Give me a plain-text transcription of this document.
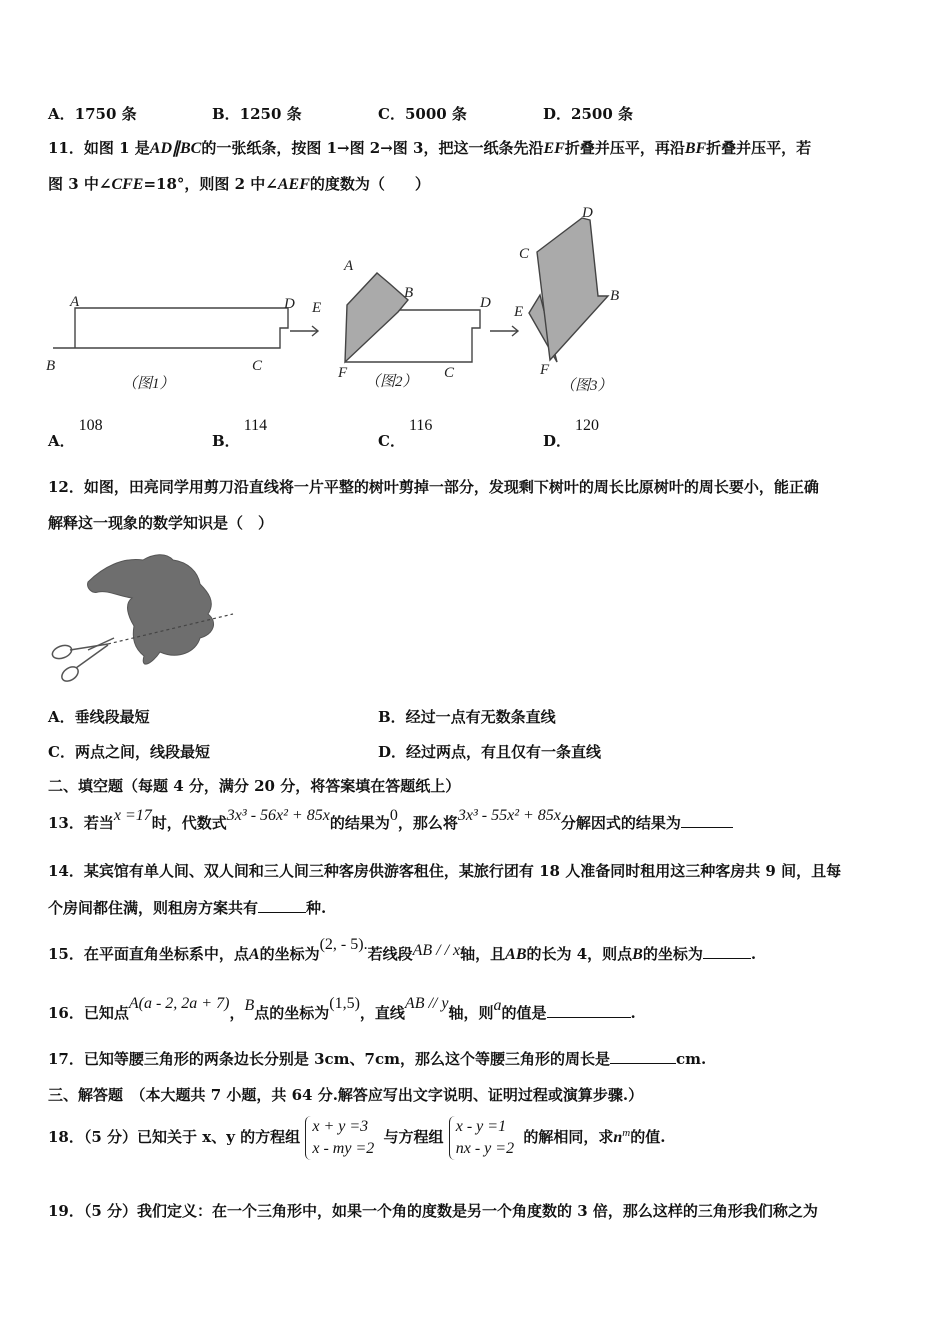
A．1750 条	B．1250 条	C．5000 条	D．2500 条
11．如图 1 是AD∥BC的一张纸条，按图 1→图 2→图 3，把这一纸条先沿EF折叠并压平，再沿BF折叠并压平，若
图 3 中∠CFE=18°，则图 2 中∠AEF的度数为（　　）
A	D
B	C
（图1）
A
B
E	D
F	C
（图2）
D
C
B
E
F
（图3）
A．108
B．114
C．116
D．120
12．如图，田亮同学用剪刀沿直线将一片平整的树叶剪掉一部分，发现剩下树叶的周长比原树叶的周长要小，能正确
解释这一现象的数学知识是（　）
A．垂线段最短	B．经过一点有无数条直线
C．两点之间，线段最短	D．经过两点，有且仅有一条直线
二、填空题（每题 4 分，满分 20 分，将答案填在答题纸上）
13．若当x =17时，代数式3x³ - 56x² + 85x的结果为0，那么将3x³ - 55x² + 85x分解因式的结果为
14．某宾馆有单人间、双人间和三人间三种客房供游客租住，某旅行团有 18 人准备同时租用这三种客房共 9 间，且每
个房间都住满，则租房方案共有	种.
15．在平面直角坐标系中，点A的坐标为(2, - 5).若线段AB / / x轴，且AB的长为 4，则点B的坐标为	.
16．已知点A(a - 2, 2a + 7)，B点的坐标为(1,5)，直线AB // y轴，则a的值是	.
17．已知等腰三角形的两条边长分别是 3cm、7cm，那么这个等腰三角形的周长是	cm.
三、解答题　（本大题共 7 小题，共 64 分.解答应写出文字说明、证明过程或演算步骤.）
18．（5 分）已知关于 x、y 的方程组
x + y =3
x - my =2
与方程组
x - y =1
nx - y =2
的解相同，求$n^m$的值.
19．（5 分）我们定义：在一个三角形中，如果一个角的度数是另一个角度数的 3 倍，那么这样的三角形我们称之为
